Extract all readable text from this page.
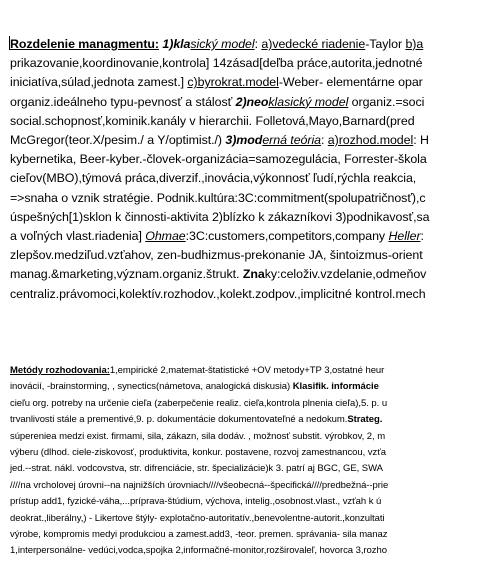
Rozdelenie managmentu: 1)klasický model: a)vedecké riadenie-Taylor b)a
prikazovanie,koordinovanie,kontrola] 14zásad[deľba práce,autorita,jednotné
iniciatíva,súlad,jednota zamest.] c)byrokrat.model-Weber- elementárne opar
organiz.ideálneho typu-pevnosť a stálosť 2)neoklasický model organiz.=soci
social.schopnosť,kominik.kanály v hierarchii. Folletová,Mayo,Barnard(pred
McGregor(teor.X/pesim./ a Y/optimist./) 3)moderná teória: a)rozhod.model: H
kybernetika, Beer-kyber.-človek-organizácia=samozegulácia, Forrester-škola
cieľov(MBO),týmová práca,diverzif.,inovácia,výkonnosť ľudí,rýchla reakcia,
=>snaha o vznik stratégie. Podnik.kultúra:3C:commitment(spolupatričnosť),c
úspešných[1)sklon k činnosti-aktivita 2)blízko k zákazníkovi 3)podnikavosť,sa
a voľných vlast.riadenia] Ohmae:3C:customers,competitors,company Heller:
zlepšov.medziľud.vzťahov, zen-budhizmus-prekonanie JA, šintoizmus-orient
manag.&marketing,význam.organiz.štrukt. Znaky:celoživ.vzdelanie,odmeňov
centraliz.právomoci,kolektív.rozhodov.,kolekt.zodpov.,implicitné kontrol.mech
Metódy rozhodovania:1,empirické 2,matemat-štatistické +OV metody+TP 3,ostatné heur
inovácií, -brainstorming, , synectics(námetova, analogická diskusia) Klasifik. informácie
cieľu org. potreby na určenie cieľa (zaberpečenie realiz. cieľa,kontrola plnenia cieľa),5. p. u
trvanlivosti stále a prementivé,9. p. dokumentácie dokumentovateľné a nedokum.Strateg.
súpereniea medzi exist. firmami, sila, zákazn, sila dodáv. , možnosť substit. výrobkov, 2, m
výberu (dlhod. ciele-ziskovosť, produktivita, konkur. postavene, rozvoj zamestnancou, vzťa
jed.--strat. nákl. vodcovstva, str. difrenciácie, str. špecializácie)k 3. patrí aj BGC, GE, SWA
////na vrcholovej úrovni--na najnižších úrovniach////všeobecná--špecifická////predbežná--prie
prístup add1, fyzické-váha,...príprava-štúdium, výchova, intelig.,osobnost.vlast., vzťah k ú
deokrat.,liberálny,) - Likertove štýly- explotačno-autoritatív.,benevolentne-autorit.,konzultati
výrobe, kompromis medyi produkciou a zamest.add3, -teor. premen. správania- sila manaz
1,interpersonálne- vedúci,vodca,spojka 2,informačné-monitor,rozširovaleľ, hovorca 3,rozho
